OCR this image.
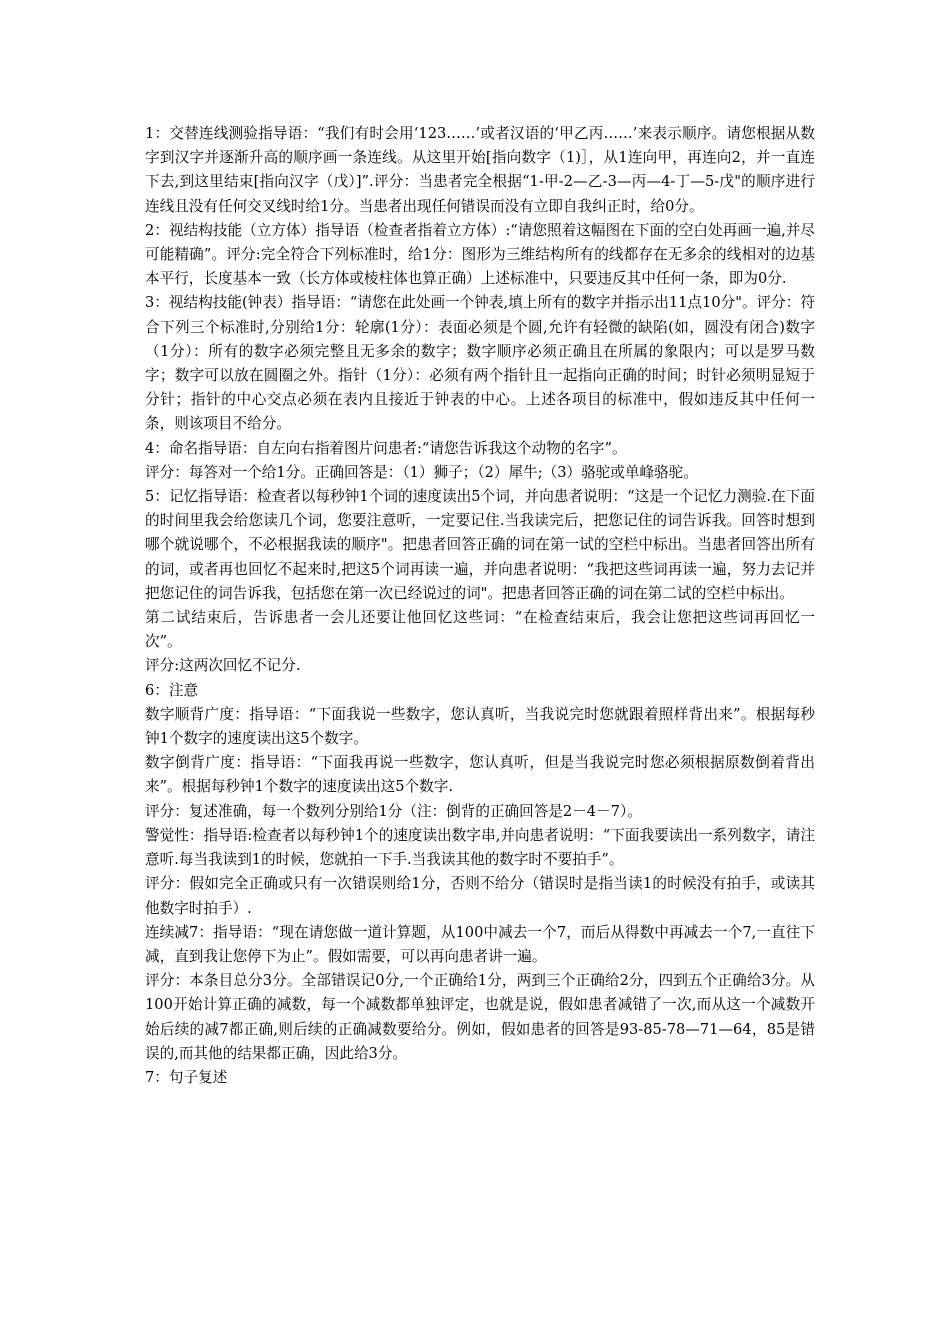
1：交替连线测验指导语：“我们有时会用‘123……’或者汉语的‘甲乙丙……’来表示顺序。请您根据从数字到汉字并逐渐升高的顺序画一条连线。从这里开始[指向数字（1)］，从1连向甲，再连向2，并一直连下去,到这里结束[指向汉字（戊）]”.评分：当患者完全根据“1-甲-2—乙-3—丙—4-丁—5-戊"的顺序进行连线且没有任何交叉线时给1分。当患者出现任何错误而没有立即自我纠正时，给0分。

2：视结构技能（立方体）指导语（检查者指着立方体）:“请您照着这幅图在下面的空白处再画一遍,并尽可能精确”。评分:完全符合下列标准时，给1分：图形为三维结构所有的线都存在无多余的线相对的边基本平行，长度基本一致（长方体或棱柱体也算正确）上述标准中，只要违反其中任何一条，即为0分.

3：视结构技能(钟表）指导语：“请您在此处画一个钟表,填上所有的数字并指示出11点10分"。评分：符合下列三个标准时,分别给1分：轮廓(1分）：表面必须是个圆,允许有轻微的缺陷(如，圆没有闭合)数字（1分）：所有的数字必须完整且无多余的数字；数字顺序必须正确且在所属的象限内；可以是罗马数字；数字可以放在圆圈之外。指针（1分）：必须有两个指针且一起指向正确的时间；时针必须明显短于分针；指针的中心交点必须在表内且接近于钟表的中心。上述各项目的标准中，假如违反其中任何一条，则该项目不给分。

4：命名指导语：自左向右指着图片问患者:“请您告诉我这个动物的名字”。

评分：每答对一个给1分。正确回答是：（1）狮子；（2）犀牛;（3）骆驼或单峰骆驼。

5：记忆指导语：检查者以每秒钟1个词的速度读出5个词，并向患者说明：“这是一个记忆力测验.在下面的时间里我会给您读几个词，您要注意听，一定要记住.当我读完后，把您记住的词告诉我。回答时想到哪个就说哪个，不必根据我读的顺序"。把患者回答正确的词在第一试的空栏中标出。当患者回答出所有的词，或者再也回忆不起来时,把这5个词再读一遍，并向患者说明：“我把这些词再读一遍，努力去记并把您记住的词告诉我，包括您在第一次已经说过的词"。把患者回答正确的词在第二试的空栏中标出。

第二试结束后，告诉患者一会儿还要让他回忆这些词：“在检查结束后，我会让您把这些词再回忆一次”。

评分:这两次回忆不记分.

6：注意

数字顺背广度：指导语：“下面我说一些数字，您认真听，当我说完时您就跟着照样背出来”。根据每秒钟1个数字的速度读出这5个数字。

数字倒背广度：指导语：“下面我再说一些数字，您认真听，但是当我说完时您必须根据原数倒着背出来”。根据每秒钟1个数字的速度读出这5个数字.

评分：复述准确，每一个数列分别给1分（注：倒背的正确回答是2－4－7）。

警觉性：指导语:检查者以每秒钟1个的速度读出数字串,并向患者说明：“下面我要读出一系列数字，请注意听.每当我读到1的时候，您就拍一下手.当我读其他的数字时不要拍手”。

评分：假如完全正确或只有一次错误则给1分，否则不给分（错误时是指当读1的时候没有拍手，或读其他数字时拍手）.

连续减7：指导语：“现在请您做一道计算题，从100中减去一个7，而后从得数中再减去一个7,一直往下减，直到我让您停下为止”。假如需要，可以再向患者讲一遍。

评分：本条目总分3分。全部错误记0分,一个正确给1分，两到三个正确给2分，四到五个正确给3分。从100开始计算正确的减数，每一个减数都单独评定，也就是说，假如患者减错了一次,而从这一个减数开始后续的减7都正确,则后续的正确减数要给分。例如，假如患者的回答是93-85-78—71—64，85是错误的,而其他的结果都正确，因此给3分。

7：句子复述
